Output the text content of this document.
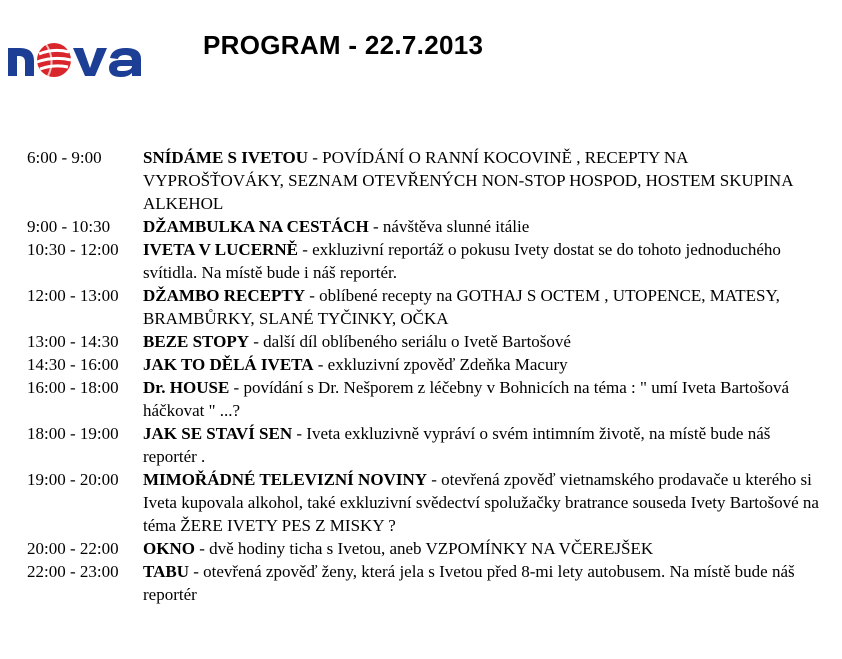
PROGRAM - 22.7.2013
6:00 - 9:00	SNÍDÁME S IVETOU - POVÍDÁNÍ O RANNÍ KOCOVINĚ , RECEPTY NA VYPROŠŤOVÁKY, SEZNAM OTEVŘENÝCH NON-STOP HOSPOD, HOSTEM SKUPINA ALKEHOL
9:00 - 10:30	DŽAMBULKA NA CESTÁCH - návštěva slunné itálie
10:30 - 12:00	IVETA V LUCERNĚ - exkluzivní reportáž o pokusu Ivety dostat se do tohoto jednoduchého svítidla. Na místě bude i náš reportér.
12:00 - 13:00	DŽAMBO RECEPTY - oblíbené recepty na GOTHAJ S OCTEM , UTOPENCE, MATESY, BRAMBŮRKY, SLANÉ TYČINKY, OČKA
13:00 - 14:30	BEZE STOPY - další díl oblíbeného seriálu o Ivetě Bartošové
14:30 - 16:00	JAK TO DĚLÁ IVETA - exkluzivní zpověď Zdeňka Macury
16:00 - 18:00	Dr. HOUSE - povídání s Dr. Nešporem z léčebny v Bohnicích na téma : " umí Iveta Bartošová háčkovat " ...?
18:00 - 19:00	JAK SE STAVÍ SEN - Iveta exkluzivně vypráví o svém intimním životě, na místě bude náš reportér .
19:00 - 20:00	MIMOŘÁDNÉ TELEVIZNÍ NOVINY - otevřená zpověď vietnamského prodavače u kterého si Iveta kupovala alkohol, také exkluzivní svědectví spolužačky bratrance souseda Ivety Bartošové na téma ŽERE IVETY PES Z MISKY ?
20:00 - 22:00	OKNO - dvě hodiny ticha s Ivetou, aneb VZPOMÍNKY NA VČEREJŠEK
22:00 - 23:00	TABU - otevřená zpověď ženy, která jela s Ivetou před 8-mi lety autobusem. Na místě bude náš reportér
